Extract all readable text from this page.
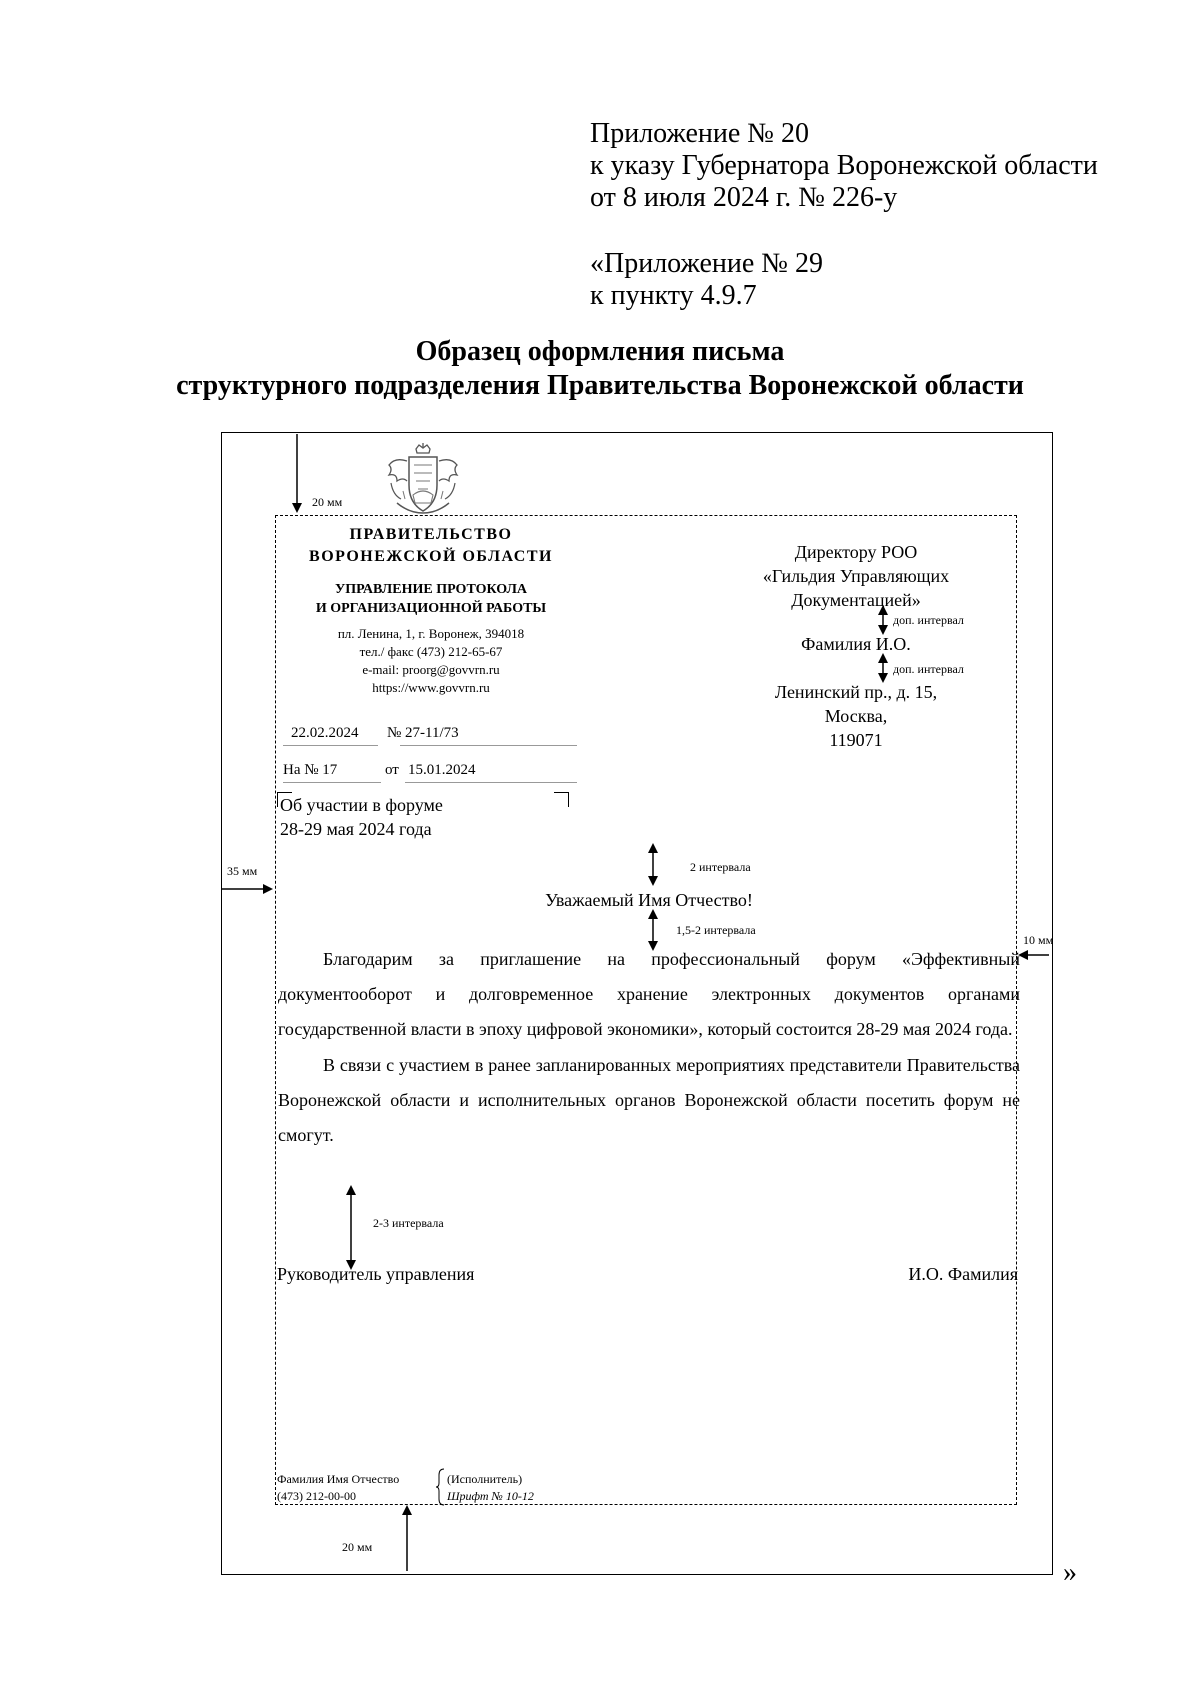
Приложение № 20
к указу Губернатора Воронежской области
от 8 июля 2024 г. № 226-у
«Приложение № 29
к пункту 4.9.7
Образец оформления письма
структурного подразделения Правительства Воронежской области
20 мм
35 мм
10 мм
20 мм
ПРАВИТЕЛЬСТВО
ВОРОНЕЖСКОЙ ОБЛАСТИ
УПРАВЛЕНИЕ ПРОТОКОЛА
И ОРГАНИЗАЦИОННОЙ РАБОТЫ
пл. Ленина, 1, г. Воронеж, 394018
тел./ факс (473) 212-65-67
e-mail: proorg@govvrn.ru
https://www.govvrn.ru
22.02.2024 № 27-11/73
На № 17	от 15.01.2024
Об участии в форуме
28-29 мая 2024 года
Директору РОО
«Гильдия Управляющих
Документацией»
доп. интервал
Фамилия И.О.
доп. интервал
Ленинский пр., д. 15,
Москва,
119071
2 интервала
1,5-2 интервала
2-3 интервала
Уважаемый Имя Отчество!

Благодарим за приглашение на профессиональный форум «Эффективный документооборот и долговременное хранение электронных документов органами государственной власти в эпоху цифровой экономики», который состоится 28-29 мая 2024 года.

В связи с участием в ранее запланированных мероприятиях представители Правительства Воронежской области и исполнительных органов Воронежской области посетить форум не смогут.

Руководитель управления	И.О. Фамилия
Фамилия Имя Отчество
(473) 212-00-00
(Исполнитель)
Шрифт № 10-12
»
